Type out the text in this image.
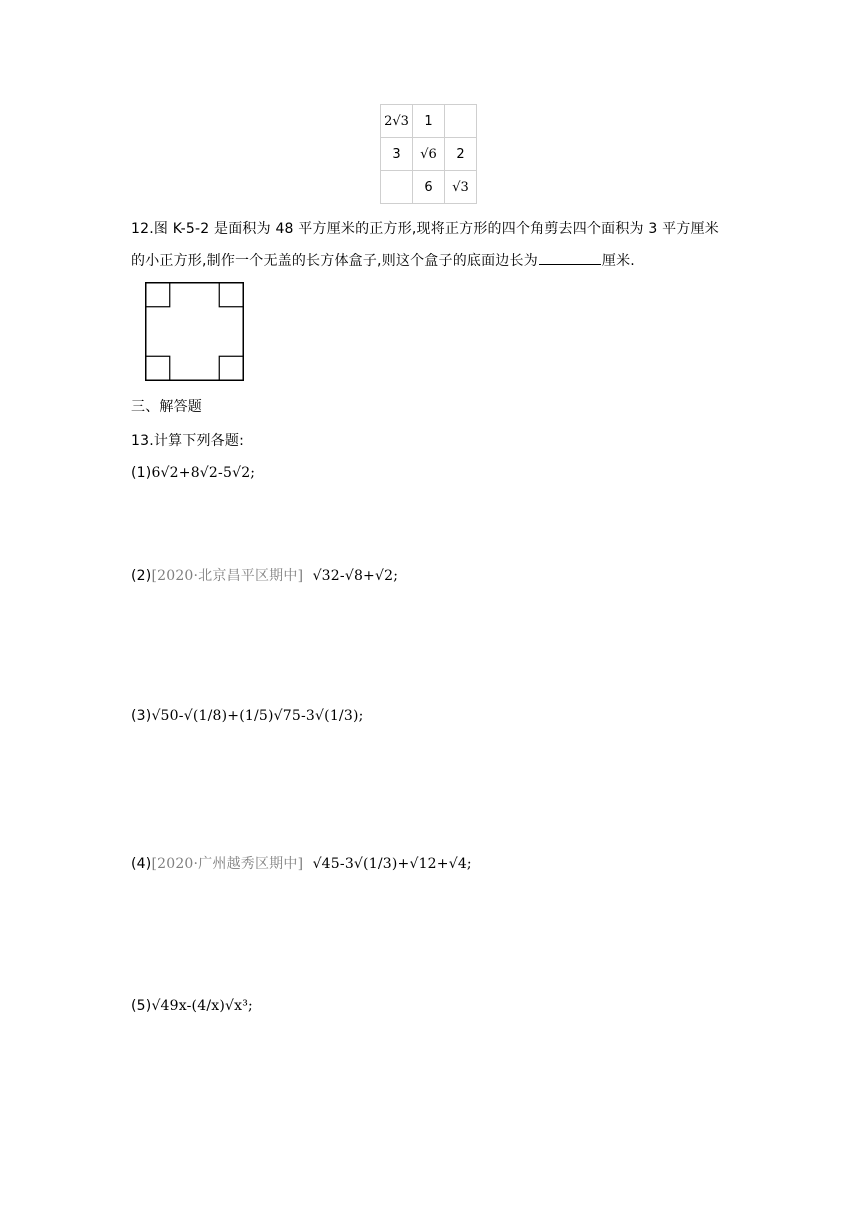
2√3	1	
3	√6	2
	6	√3
12.图 K-5-2 是面积为 48 平方厘米的正方形,现将正方形的四个角剪去四个面积为 3 平方厘米
的小正方形,制作一个无盖的长方体盒子,则这个盒子的底面边长为	厘米.
三、解答题
13.计算下列各题:
(1)6√2+8√2-5√2;
(2)[2020·北京昌平区期中] √32-√8+√2;
(3)√50-√(1/8)+(1/5)√75-3√(1/3);
(4)[2020·广州越秀区期中] √45-3√(1/3)+√12+√4;
(5)√49x-(4/x)√x³;
